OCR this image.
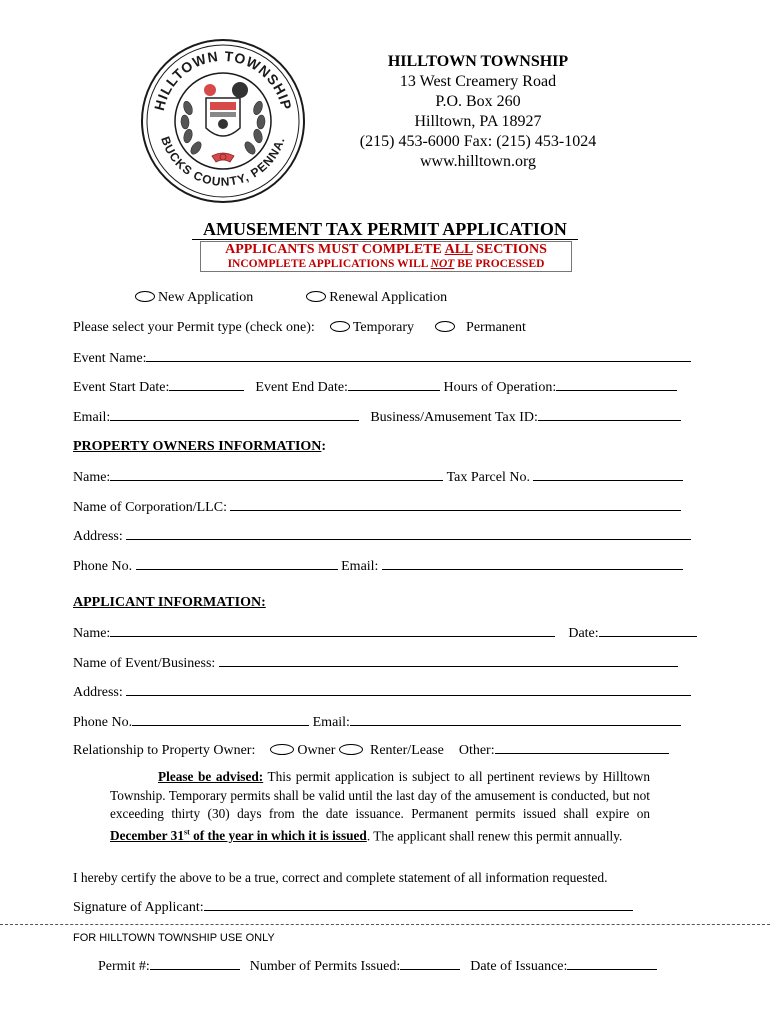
HILLTOWN TOWNSHIP
BUCKS COUNTY, PENNA.
HILLTOWN TOWNSHIP
13 West Creamery Road
P.O. Box 260
Hilltown, PA 18927
(215) 453-6000 Fax: (215) 453-1024
www.hilltown.org
AMUSEMENT TAX PERMIT APPLICATION
APPLICANTS MUST COMPLETE ALL SECTIONS
INCOMPLETE APPLICATIONS WILL NOT BE PROCESSED
New Application	Renewal Application
Please select your Permit type (check one):	Temporary	Permanent
Event Name:
Event Start Date:	Event End Date:	Hours of Operation:
Email:	Business/Amusement Tax ID:
PROPERTY OWNERS INFORMATION:
Name:	Tax Parcel No.
Name of Corporation/LLC:
Address:
Phone No.	Email:
APPLICANT INFORMATION:
Name:	Date:
Name of Event/Business:
Address:
Phone No.	Email:
Relationship to Property Owner:	Owner Renter/Lease Other:
Please be advised: This permit application is subject to all pertinent reviews by Hilltown Township. Temporary permits shall be valid until the last day of the amusement is conducted, but not exceeding thirty (30) days from the date issuance. Permanent permits issued shall expire on December 31st of the year in which it is issued. The applicant shall renew this permit annually.
I hereby certify the above to be a true, correct and complete statement of all information requested.
Signature of Applicant:
FOR HILLTOWN TOWNSHIP USE ONLY
Permit #:	Number of Permits Issued:	Date of Issuance:
